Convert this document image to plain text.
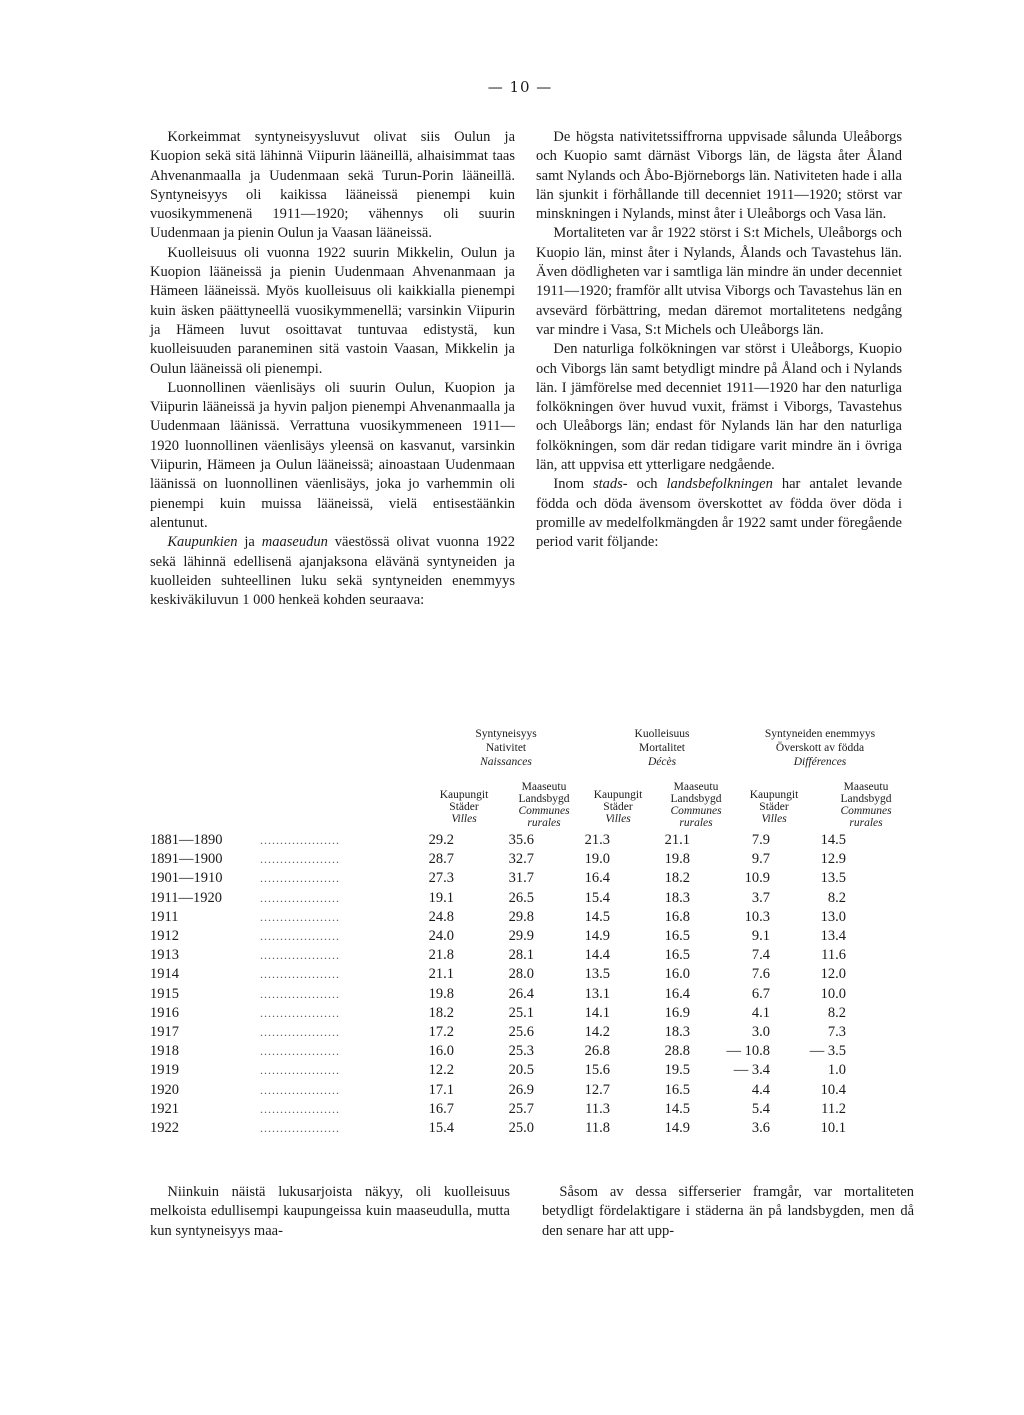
— 10 —

Korkeimmat syntyneisyysluvut olivat siis Oulun ja Kuopion sekä sitä lähinnä Viipurin lääneillä, alhaisimmat taas Ahvenanmaalla ja Uudenmaan sekä Turun-Porin lääneillä. Syntyneisyys oli kaikissa lääneissä pienempi kuin vuosikymmenenä 1911—1920; vähennys oli suurin Uudenmaan ja pienin Oulun ja Vaasan lääneissä.

Kuolleisuus oli vuonna 1922 suurin Mikkelin, Oulun ja Kuopion lääneissä ja pienin Uudenmaan Ahvenanmaan ja Hämeen lääneissä. Myös kuolleisuus oli kaikkialla pienempi kuin äsken päättyneellä vuosikymmenellä; varsinkin Viipurin ja Hämeen luvut osoittavat tuntuvaa edistystä, kun kuolleisuuden paraneminen sitä vastoin Vaasan, Mikkelin ja Oulun lääneissä oli pienempi.

Luonnollinen väenlisäys oli suurin Oulun, Kuopion ja Viipurin lääneissä ja hyvin paljon pienempi Ahvenanmaalla ja Uudenmaan läänissä. Verrattuna vuosikymmeneen 1911—1920 luonnollinen väenlisäys yleensä on kasvanut, varsinkin Viipurin, Hämeen ja Oulun lääneissä; ainoastaan Uudenmaan läänissä on luonnollinen väenlisäys, joka jo varhemmin oli pienempi kuin muissa lääneissä, vielä entisestäänkin alentunut.

Kaupunkien ja maaseudun väestössä olivat vuonna 1922 sekä lähinnä edellisenä ajanjaksona elävänä syntyneiden ja kuolleiden suhteellinen luku sekä syntyneiden enemmyys keskiväkiluvun 1 000 henkeä kohden seuraava:

De högsta nativitetssiffrorna uppvisade sålunda Uleåborgs och Kuopio samt därnäst Viborgs län, de lägsta åter Åland samt Nylands och Åbo-Björneborgs län. Nativiteten hade i alla län sjunkit i förhållande till decenniet 1911—1920; störst var minskningen i Nylands, minst åter i Uleåborgs och Vasa län.

Mortaliteten var år 1922 störst i S:t Michels, Uleåborgs och Kuopio län, minst åter i Nylands, Ålands och Tavastehus län. Även dödligheten var i samtliga län mindre än under decenniet 1911—1920; framför allt utvisa Viborgs och Tavastehus län en avsevärd förbättring, medan däremot mortalitetens nedgång var mindre i Vasa, S:t Michels och Uleåborgs län.

Den naturliga folkökningen var störst i Uleåborgs, Kuopio och Viborgs län samt betydligt mindre på Åland och i Nylands län. I jämförelse med decenniet 1911—1920 har den naturliga folkökningen över huvud vuxit, främst i Viborgs, Tavastehus och Uleåborgs län; endast för Nylands län har den naturliga folkökningen, som där redan tidigare varit mindre än i övriga län, att uppvisa ett ytterligare nedgående.

Inom stads- och landsbefolkningen har antalet levande födda och döda ävensom överskottet av födda över döda i promille av medelfolkmängden år 1922 samt under föregående period varit följande:

Syntyneisyys
Nativitet
Naissances
Kuolleisuus
Mortalitet
Décès
Syntyneiden enemmyys
Överskott av födda
Différences
Kaupungit
Städer
Villes
Maaseutu
Landsbygd
Communes
rurales
Kaupungit
Städer
Villes
Maaseutu
Landsbygd
Communes
rurales
Kaupungit
Städer
Villes
Maaseutu
Landsbygd
Communes
rurales
1881—1890	....................	29.2	35.6	21.3	21.1	7.9	14.5
1891—1900	....................	28.7	32.7	19.0	19.8	9.7	12.9
1901—1910	....................	27.3	31.7	16.4	18.2	10.9	13.5
1911—1920	....................	19.1	26.5	15.4	18.3	3.7	8.2
1911	....................	24.8	29.8	14.5	16.8	10.3	13.0
1912	....................	24.0	29.9	14.9	16.5	9.1	13.4
1913	....................	21.8	28.1	14.4	16.5	7.4	11.6
1914	....................	21.1	28.0	13.5	16.0	7.6	12.0
1915	....................	19.8	26.4	13.1	16.4	6.7	10.0
1916	....................	18.2	25.1	14.1	16.9	4.1	8.2
1917	....................	17.2	25.6	14.2	18.3	3.0	7.3
1918	....................	16.0	25.3	26.8	28.8	— 10.8	— 3.5
1919	....................	12.2	20.5	15.6	19.5	— 3.4	1.0
1920	....................	17.1	26.9	12.7	16.5	4.4	10.4
1921	....................	16.7	25.7	11.3	14.5	5.4	11.2
1922	....................	15.4	25.0	11.8	14.9	3.6	10.1

Niinkuin näistä lukusarjoista näkyy, oli kuolleisuus melkoista edullisempi kaupungeissa kuin maaseudulla, mutta kun syntyneisyys maa-

Såsom av dessa sifferserier framgår, var mortaliteten betydligt fördelaktigare i städerna än på landsbygden, men då den senare har att upp-
